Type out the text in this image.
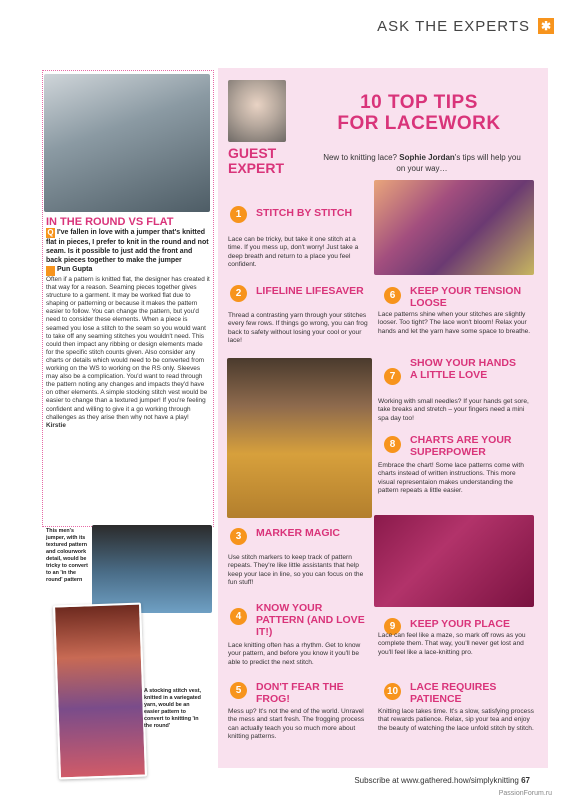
ASK THE EXPERTS ✱
IN THE ROUND VS FLAT
Q I've fallen in love with a jumper that's knitted flat in pieces, I prefer to knit in the round and not seam. Is it possible to just add the front and back pieces together to make the jumper
Pun Gupta
Often if a pattern is knitted flat, the designer has created it that way for a reason. Seaming pieces together gives structure to a garment. It may be worked flat due to shaping or patterning or because it makes the pattern easier to follow. You can change the pattern, but you'd need to consider these elements. When a piece is seamed you lose a stitch to the seam so you would want to take off any seaming stitches you wouldn't need. This could then impact any ribbing or design elements made for the specific stitch counts given. Also consider any charts or details which would need to be converted from working on the WS to working on the RS only. Sleeves may also be a complication. You'd want to read through the pattern noting any changes and impacts they'd have on other elements. A simple stocking stitch vest would be easier to change than a textured jumper! If you're feeling confident and willing to give it a go working through challenges as they arise then why not have a play! Kirstie
This men's jumper, with its textured pattern and colourwork detail, would be tricky to convert to an 'in the round' pattern
A stocking stitch vest, knitted in a variegated yarn, would be an easier pattern to convert to knitting 'in the round'
GUEST
EXPERT
10 TOP TIPS
FOR LACEWORK
New to knitting lace? Sophie Jordan's tips will help you on your way…
1	STITCH BY STITCH
Lace can be tricky, but take it one stitch at a time. If you mess up, don't worry! Just take a deep breath and return to a place you feel confident.
2	LIFELINE LIFESAVER
Thread a contrasting yarn through your stitches every few rows. If things go wrong, you can frog back to safety without losing your cool or your lace!
3	MARKER MAGIC
Use stitch markers to keep track of pattern repeats. They're like little assistants that help keep your lace in line, so you can focus on the fun stuff!
4
KNOW YOUR PATTERN (AND LOVE IT!)
Lace knitting often has a rhythm. Get to know your pattern, and before you know it you'll be able to predict the next stitch.
5	DON'T FEAR THE FROG!
Mess up? It's not the end of the world. Unravel the mess and start fresh. The frogging process can actually teach you so much more about knitting patterns.
6	KEEP YOUR TENSION LOOSE
Lace patterns shine when your stitches are slightly looser. Too tight? The lace won't bloom! Relax your hands and let the yarn have some space to breathe.
7
SHOW YOUR HANDS A LITTLE LOVE
Working with small needles? If your hands get sore, take breaks and stretch – your fingers need a mini spa day too!
8	CHARTS ARE YOUR SUPERPOWER
Embrace the chart! Some lace patterns come with charts instead of written instructions. This more visual representaion makes understanding the pattern repeats a little easier.
9	KEEP YOUR PLACE
Lace can feel like a maze, so mark off rows as you complete them. That way, you'll never get lost and you'll feel like a lace-knitting pro.
10 LACE REQUIRES PATIENCE
Knitting lace takes time. It's a slow, satisfying process that rewards patience. Relax, sip your tea and enjoy the beauty of watching the lace unfold stitch by stitch.
Subscribe at www.gathered.how/simplyknitting 67
PassionForum.ru
